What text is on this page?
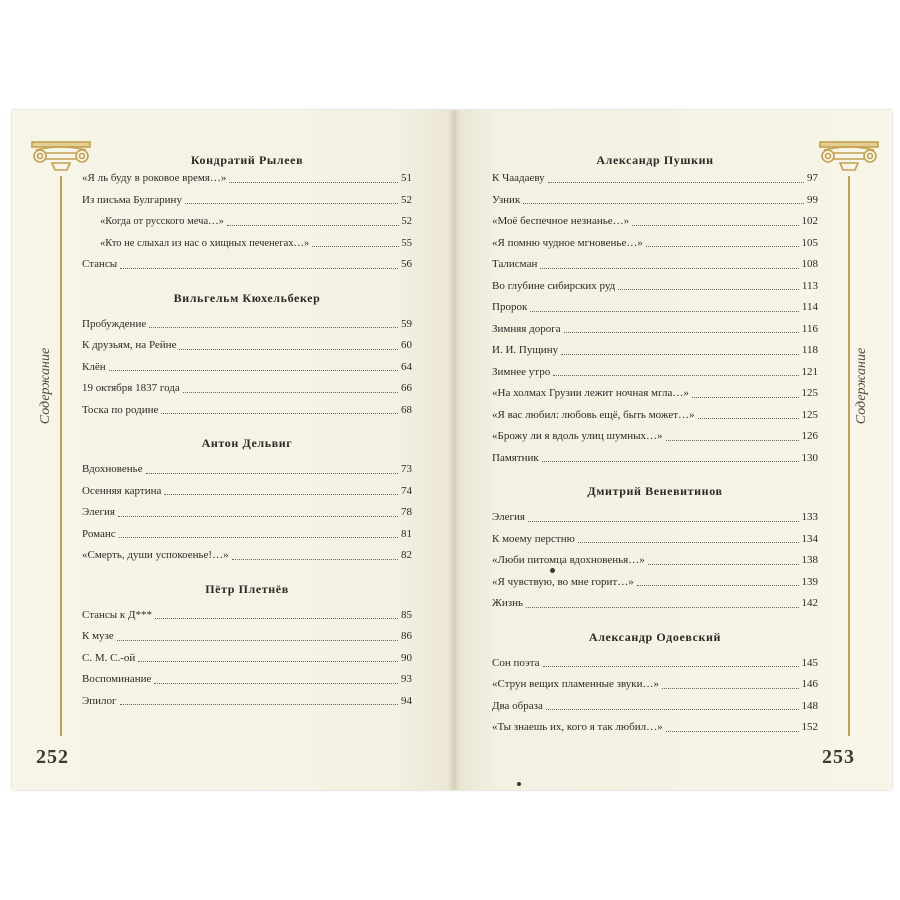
Содержание
252
Содержание
253
Кондратий Рылеев
«Я ль буду в роковое время…»	51
Из письма Булгарину	52
«Когда от русского меча…»	52
«Кто не слыхал из нас о хищных печенегах…»	55
Стансы	56
Вильгельм Кюхельбекер
Пробуждение	59
К друзьям, на Рейне	60
Клён	64
19 октября 1837 года	66
Тоска по родине	68
Антон Дельвиг
Вдохновенье	73
Осенняя картина	74
Элегия	78
Романс	81
«Смерть, души успокоенье!…»	82
Пётр Плетнёв
Стансы к Д***	85
К музе	86
С. М. С.-ой	90
Воспоминание	93
Эпилог	94
Александр Пушкин
К Чаадаеву	97
Узник	99
«Моё беспечное незнанье…»	102
«Я помню чудное мгновенье…»	105
Талисман	108
Во глубине сибирских руд	113
Пророк	114
Зимняя дорога	116
И. И. Пущину	118
Зимнее утро	121
«На холмах Грузии лежит ночная мгла…»	125
«Я вас любил: любовь ещё, быть может…»	125
«Брожу ли я вдоль улиц шумных…»	126
Памятник	130
Дмитрий Веневитинов
Элегия	133
К моему перстню	134
«Люби питомца вдохновенья…»	138
«Я чувствую, во мне горит…»	139
Жизнь	142
Александр Одоевский
Сон поэта	145
«Струн вещих пламенные звуки…»	146
Два образа	148
«Ты знаешь их, кого я так любил…»	152
